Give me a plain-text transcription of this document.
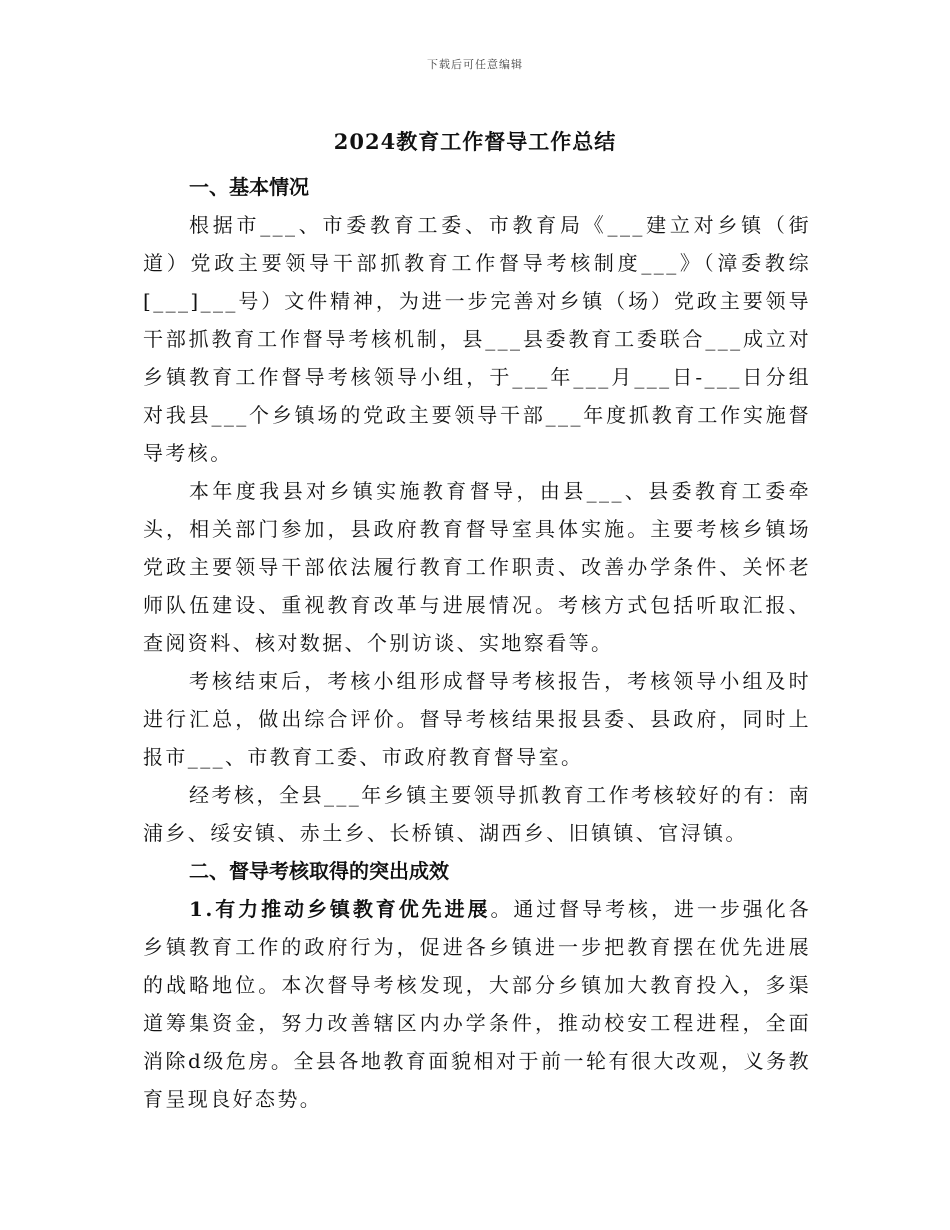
下载后可任意编辑
2024教育工作督导工作总结

一、基本情况

根据市___、市委教育工委、市教育局《___建立对乡镇（街道）党政主要领导干部抓教育工作督导考核制度___》（漳委教综[___]___号）文件精神，为进一步完善对乡镇（场）党政主要领导干部抓教育工作督导考核机制，县___县委教育工委联合___成立对乡镇教育工作督导考核领导小组，于___年___月___日-___日分组对我县___个乡镇场的党政主要领导干部___年度抓教育工作实施督导考核。

本年度我县对乡镇实施教育督导，由县___、县委教育工委牵头，相关部门参加，县政府教育督导室具体实施。主要考核乡镇场党政主要领导干部依法履行教育工作职责、改善办学条件、关怀老师队伍建设、重视教育改革与进展情况。考核方式包括听取汇报、查阅资料、核对数据、个别访谈、实地察看等。

考核结束后，考核小组形成督导考核报告，考核领导小组及时进行汇总，做出综合评价。督导考核结果报县委、县政府，同时上报市___、市教育工委、市政府教育督导室。

经考核，全县___年乡镇主要领导抓教育工作考核较好的有：南浦乡、绥安镇、赤土乡、长桥镇、湖西乡、旧镇镇、官浔镇。

二、督导考核取得的突出成效

1.有力推动乡镇教育优先进展。通过督导考核，进一步强化各乡镇教育工作的政府行为，促进各乡镇进一步把教育摆在优先进展的战略地位。本次督导考核发现，大部分乡镇加大教育投入，多渠道筹集资金，努力改善辖区内办学条件，推动校安工程进程，全面消除d级危房。全县各地教育面貌相对于前一轮有很大改观，义务教育呈现良好态势。
